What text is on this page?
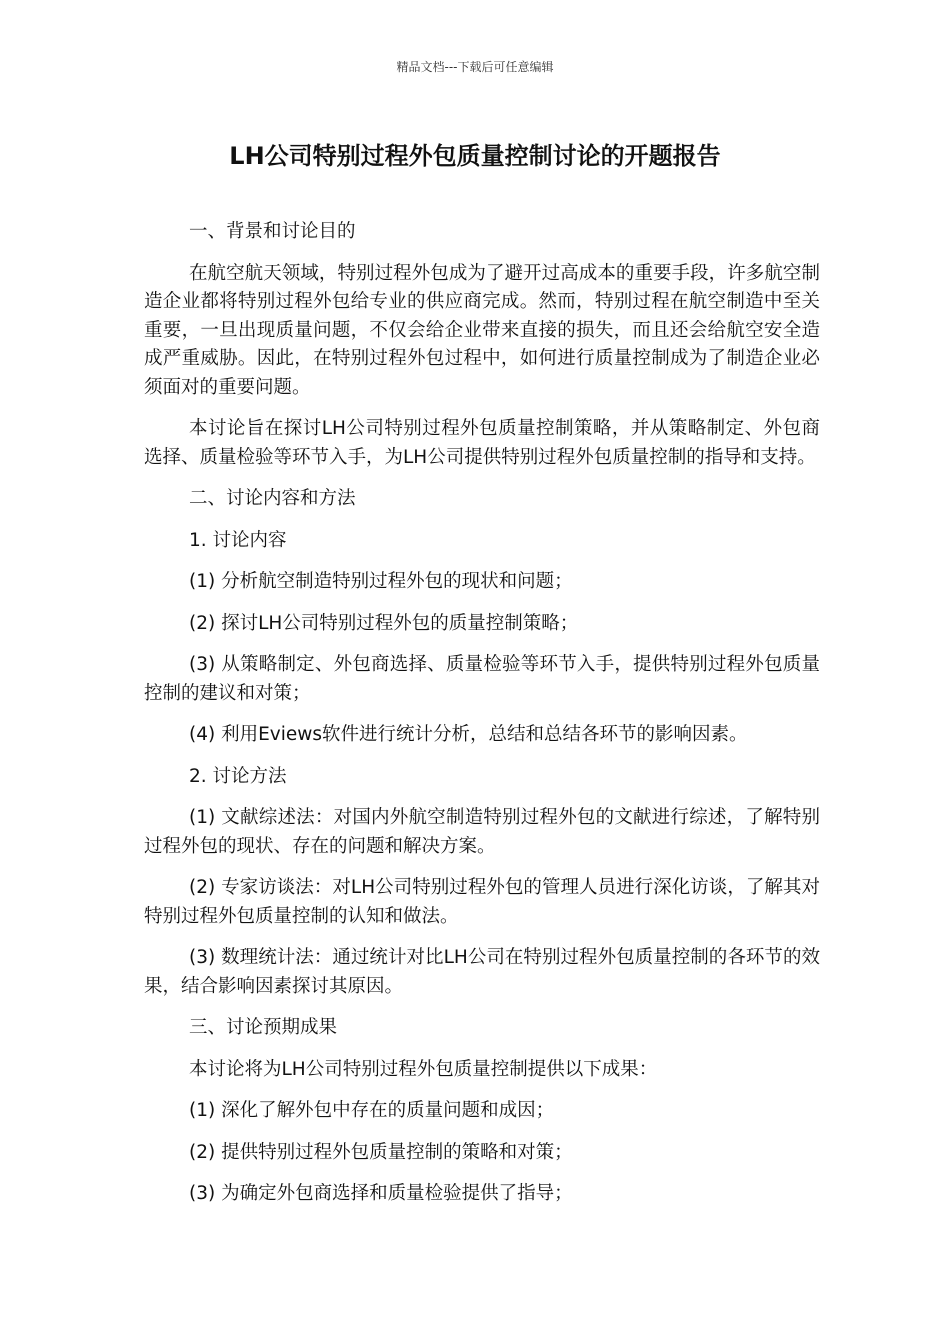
精品文档---下载后可任意编辑
LH公司特别过程外包质量控制讨论的开题报告

一、背景和讨论目的

在航空航天领域，特别过程外包成为了避开过高成本的重要手段，许多航空制造企业都将特别过程外包给专业的供应商完成。然而，特别过程在航空制造中至关重要，一旦出现质量问题，不仅会给企业带来直接的损失，而且还会给航空安全造成严重威胁。因此，在特别过程外包过程中，如何进行质量控制成为了制造企业必须面对的重要问题。

本讨论旨在探讨LH公司特别过程外包质量控制策略，并从策略制定、外包商选择、质量检验等环节入手，为LH公司提供特别过程外包质量控制的指导和支持。

二、讨论内容和方法

1. 讨论内容

(1) 分析航空制造特别过程外包的现状和问题；

(2) 探讨LH公司特别过程外包的质量控制策略；

(3) 从策略制定、外包商选择、质量检验等环节入手，提供特别过程外包质量控制的建议和对策；

(4) 利用Eviews软件进行统计分析，总结和总结各环节的影响因素。

2. 讨论方法

(1) 文献综述法：对国内外航空制造特别过程外包的文献进行综述，了解特别过程外包的现状、存在的问题和解决方案。

(2) 专家访谈法：对LH公司特别过程外包的管理人员进行深化访谈，了解其对特别过程外包质量控制的认知和做法。

(3) 数理统计法：通过统计对比LH公司在特别过程外包质量控制的各环节的效果，结合影响因素探讨其原因。

三、讨论预期成果

本讨论将为LH公司特别过程外包质量控制提供以下成果：

(1) 深化了解外包中存在的质量问题和成因；

(2) 提供特别过程外包质量控制的策略和对策；

(3) 为确定外包商选择和质量检验提供了指导；
